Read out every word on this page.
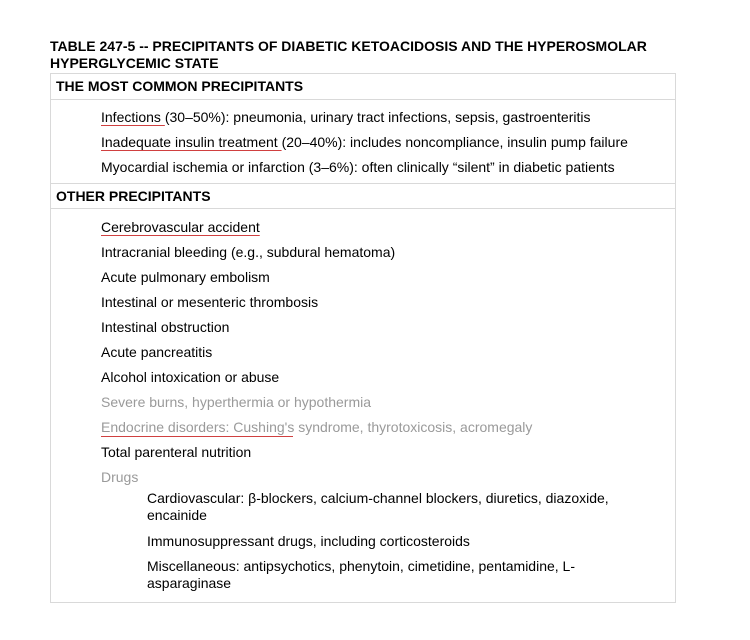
TABLE 247-5 -- PRECIPITANTS OF DIABETIC KETOACIDOSIS AND THE HYPEROSMOLAR
HYPERGLYCEMIC STATE
THE MOST COMMON PRECIPITANTS
Infections (30–50%): pneumonia, urinary tract infections, sepsis, gastroenteritis
Inadequate insulin treatment (20–40%): includes noncompliance, insulin pump failure
Myocardial ischemia or infarction (3–6%): often clinically “silent” in diabetic patients
OTHER PRECIPITANTS
Cerebrovascular accident
Intracranial bleeding (e.g., subdural hematoma)
Acute pulmonary embolism
Intestinal or mesenteric thrombosis
Intestinal obstruction
Acute pancreatitis
Alcohol intoxication or abuse
Severe burns, hyperthermia or hypothermia
Endocrine disorders: Cushing's syndrome, thyrotoxicosis, acromegaly
Total parenteral nutrition
Drugs
Cardiovascular: β-blockers, calcium-channel blockers, diuretics, diazoxide, encainide
Immunosuppressant drugs, including corticosteroids
Miscellaneous: antipsychotics, phenytoin, cimetidine, pentamidine, L-asparaginase
